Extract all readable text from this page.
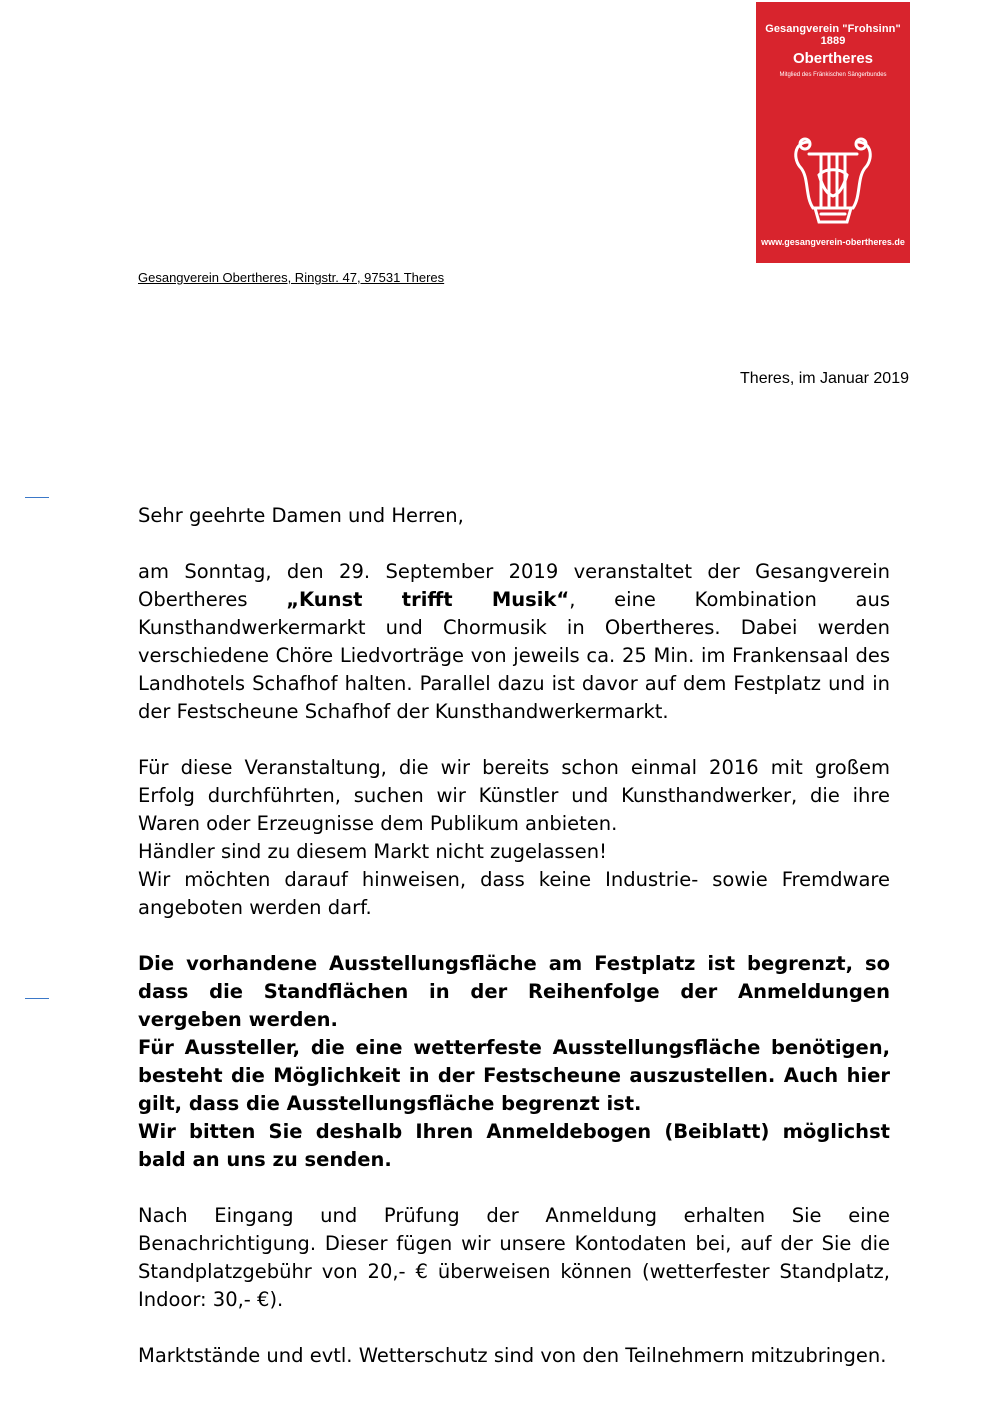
Gesangverein "Frohsinn" 1889
Obertheres
Mitglied des Fränkischen Sängerbundes
www.gesangverein-obertheres.de
Gesangverein Obertheres, Ringstr. 47, 97531 Theres
Theres, im Januar 2019

Sehr geehrte Damen und Herren,

am Sonntag, den 29. September 2019 veranstaltet der Gesangverein Obertheres „Kunst trifft Musik“, eine Kombination aus Kunsthandwerkermarkt und Chormusik in Obertheres. Dabei werden verschiedene Chöre Liedvorträge von jeweils ca. 25 Min. im Frankensaal des Landhotels Schafhof halten. Parallel dazu ist davor auf dem Festplatz und in der Festscheune Schafhof der Kunsthandwerkermarkt.

Für diese Veranstaltung, die wir bereits schon einmal 2016 mit großem Erfolg durchführten, suchen wir Künstler und Kunsthandwerker, die ihre Waren oder Erzeugnisse dem Publikum anbieten.

Händler sind zu diesem Markt nicht zugelassen!

Wir möchten darauf hinweisen, dass keine Industrie- sowie Fremdware angeboten werden darf.

Die vorhandene Ausstellungsfläche am Festplatz ist begrenzt, so dass die Standflächen in der Reihenfolge der Anmeldungen vergeben werden.

Für Aussteller, die eine wetterfeste Ausstellungsfläche benötigen, besteht die Möglichkeit in der Festscheune auszustellen. Auch hier gilt, dass die Ausstellungsfläche begrenzt ist.

Wir bitten Sie deshalb Ihren Anmeldebogen (Beiblatt) möglichst bald an uns zu senden.

Nach Eingang und Prüfung der Anmeldung erhalten Sie eine Benachrichtigung. Dieser fügen wir unsere Kontodaten bei, auf der Sie die Standplatzgebühr von 20,- € überweisen können (wetterfester Standplatz, Indoor: 30,- €).

Marktstände und evtl. Wetterschutz sind von den Teilnehmern mitzubringen.
